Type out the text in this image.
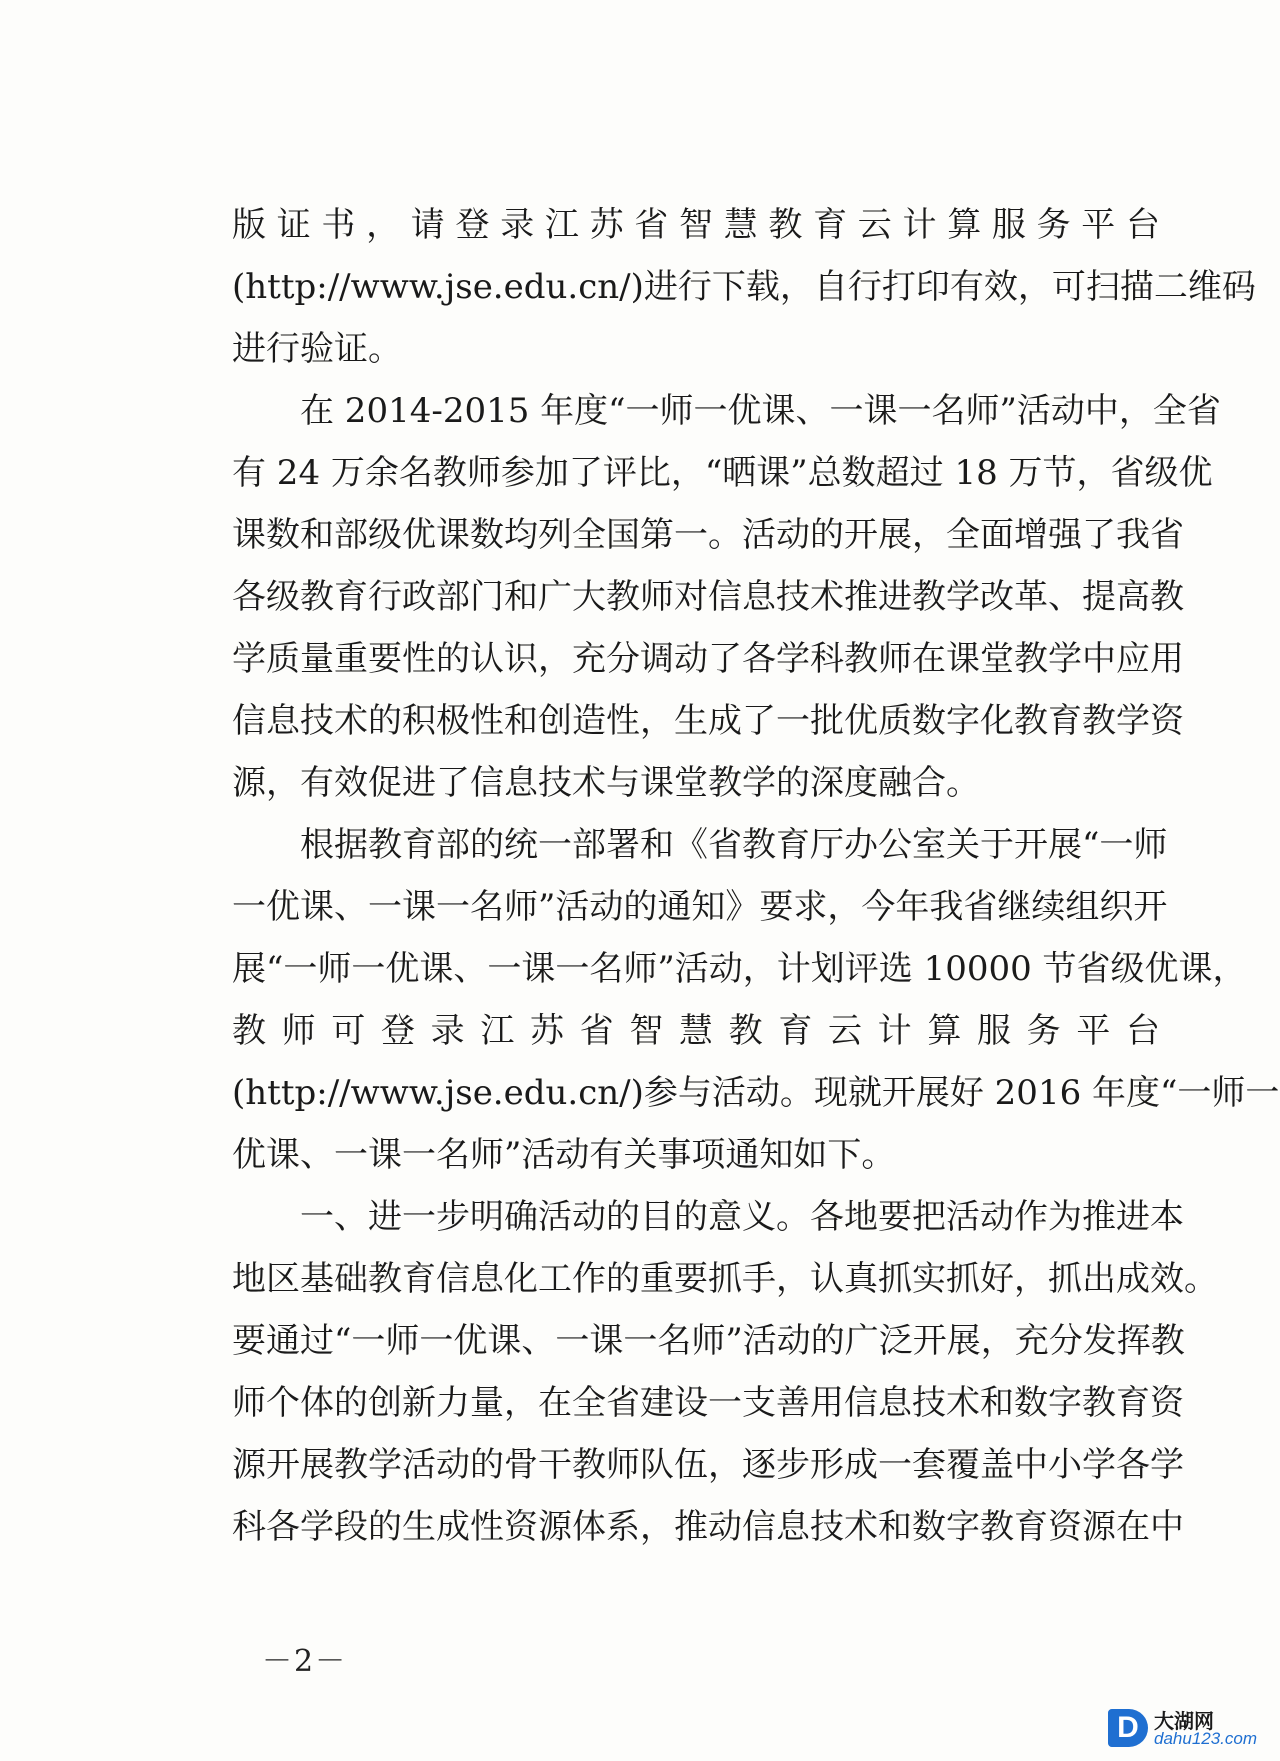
版证书，请登录江苏省智慧教育云计算服务平台
(http://www.jse.edu.cn/)进行下载，自行打印有效，可扫描二维码
进行验证。
在 2014-2015 年度“一师一优课、一课一名师”活动中，全省
有 24 万余名教师参加了评比，“晒课”总数超过 18 万节，省级优
课数和部级优课数均列全国第一。活动的开展，全面增强了我省
各级教育行政部门和广大教师对信息技术推进教学改革、提高教
学质量重要性的认识，充分调动了各学科教师在课堂教学中应用
信息技术的积极性和创造性，生成了一批优质数字化教育教学资
源，有效促进了信息技术与课堂教学的深度融合。
根据教育部的统一部署和《省教育厅办公室关于开展“一师
一优课、一课一名师”活动的通知》要求，今年我省继续组织开
展“一师一优课、一课一名师”活动，计划评选 10000 节省级优课，
教师可登录江苏省智慧教育云计算服务平台
(http://www.jse.edu.cn/)参与活动。现就开展好 2016 年度“一师一
优课、一课一名师”活动有关事项通知如下。
一、进一步明确活动的目的意义。各地要把活动作为推进本
地区基础教育信息化工作的重要抓手，认真抓实抓好，抓出成效。
要通过“一师一优课、一课一名师”活动的广泛开展，充分发挥教
师个体的创新力量，在全省建设一支善用信息技术和数字教育资
源开展教学活动的骨干教师队伍，逐步形成一套覆盖中小学各学
科各学段的生成性资源体系，推动信息技术和数字教育资源在中
－2－
D 大湖网
dahu123.com
